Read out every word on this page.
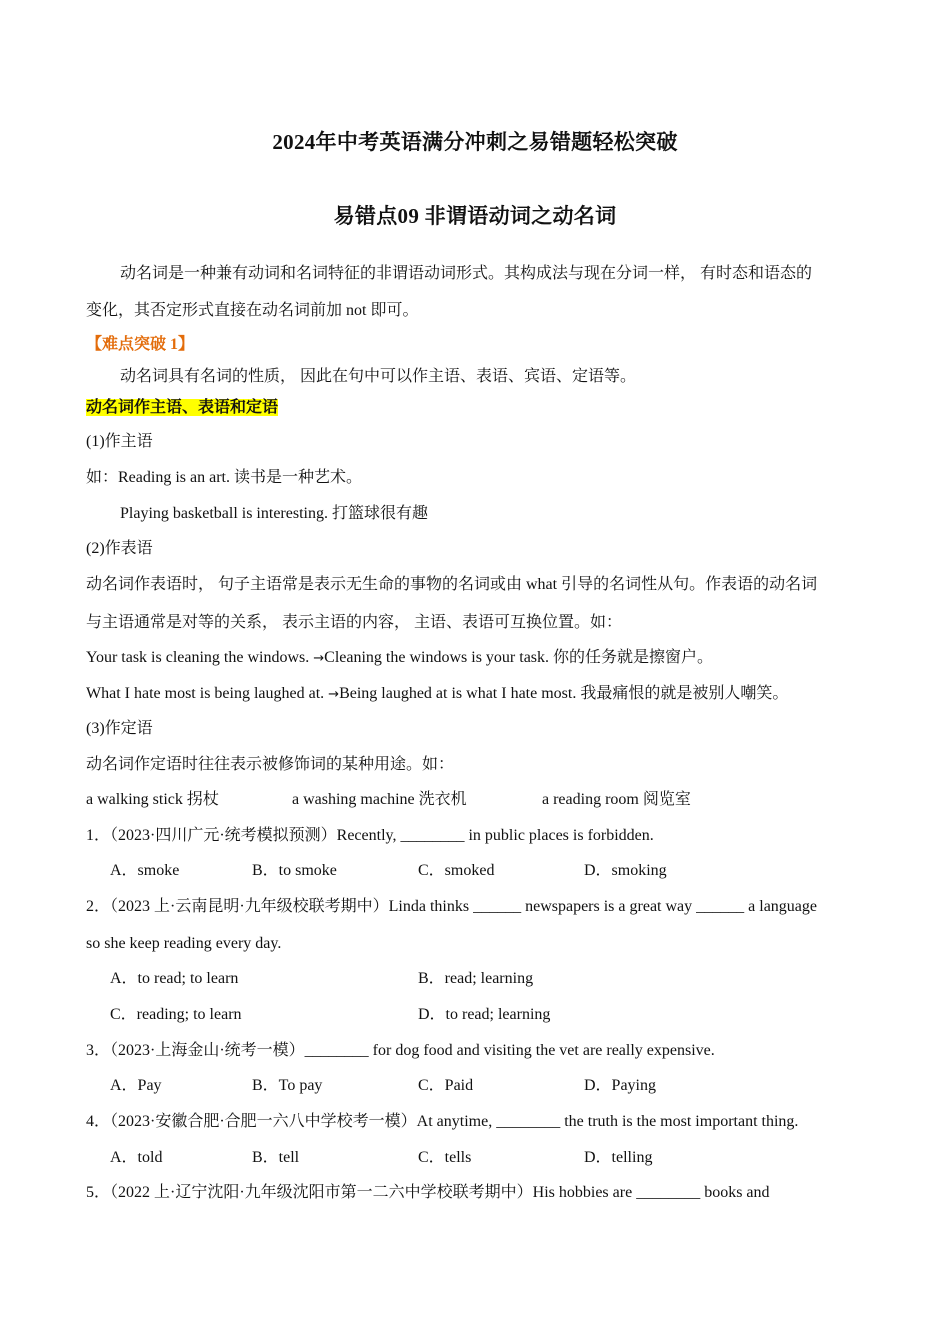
2024年中考英语满分冲刺之易错题轻松突破
易错点09 非谓语动词之动名词
动名词是一种兼有动词和名词特征的非谓语动词形式。其构成法与现在分词一样， 有时态和语态的
变化，其否定形式直接在动名词前加 not 即可。
【难点突破 1】
动名词具有名词的性质， 因此在句中可以作主语、表语、宾语、定语等。
动名词作主语、表语和定语
(1)作主语
如：Reading is an art. 读书是一种艺术。
Playing basketball is interesting. 打篮球很有趣
(2)作表语
动名词作表语时， 句子主语常是表示无生命的事物的名词或由 what 引导的名词性从句。作表语的动名词
与主语通常是对等的关系， 表示主语的内容， 主语、表语可互换位置。如：
Your task is cleaning the windows. →Cleaning the windows is your task. 你的任务就是擦窗户。
What I hate most is being laughed at. →Being laughed at is what I hate most. 我最痛恨的就是被别人嘲笑。
(3)作定语
动名词作定语时往往表示被修饰词的某种用途。如：
a walking stick 拐杖	a washing machine 洗衣机	a reading room 阅览室
1．（2023·四川广元·统考模拟预测）Recently, ________ in public places is forbidden.
A．smoke	B．to smoke	C．smoked	D．smoking
2．（2023 上·云南昆明·九年级校联考期中）Linda thinks ______ newspapers is a great way ______ a language
so she keep reading every day.
A．to read; to learn	B．read; learning
C．reading; to learn	D．to read; learning
3．（2023·上海金山·统考一模）________ for dog food and visiting the vet are really expensive.
A．Pay	B．To pay	C．Paid	D．Paying
4．（2023·安徽合肥·合肥一六八中学校考一模）At anytime, ________ the truth is the most important thing.
A．told	B．tell	C．tells	D．telling
5．（2022 上·辽宁沈阳·九年级沈阳市第一二六中学校联考期中）His hobbies are ________ books and
